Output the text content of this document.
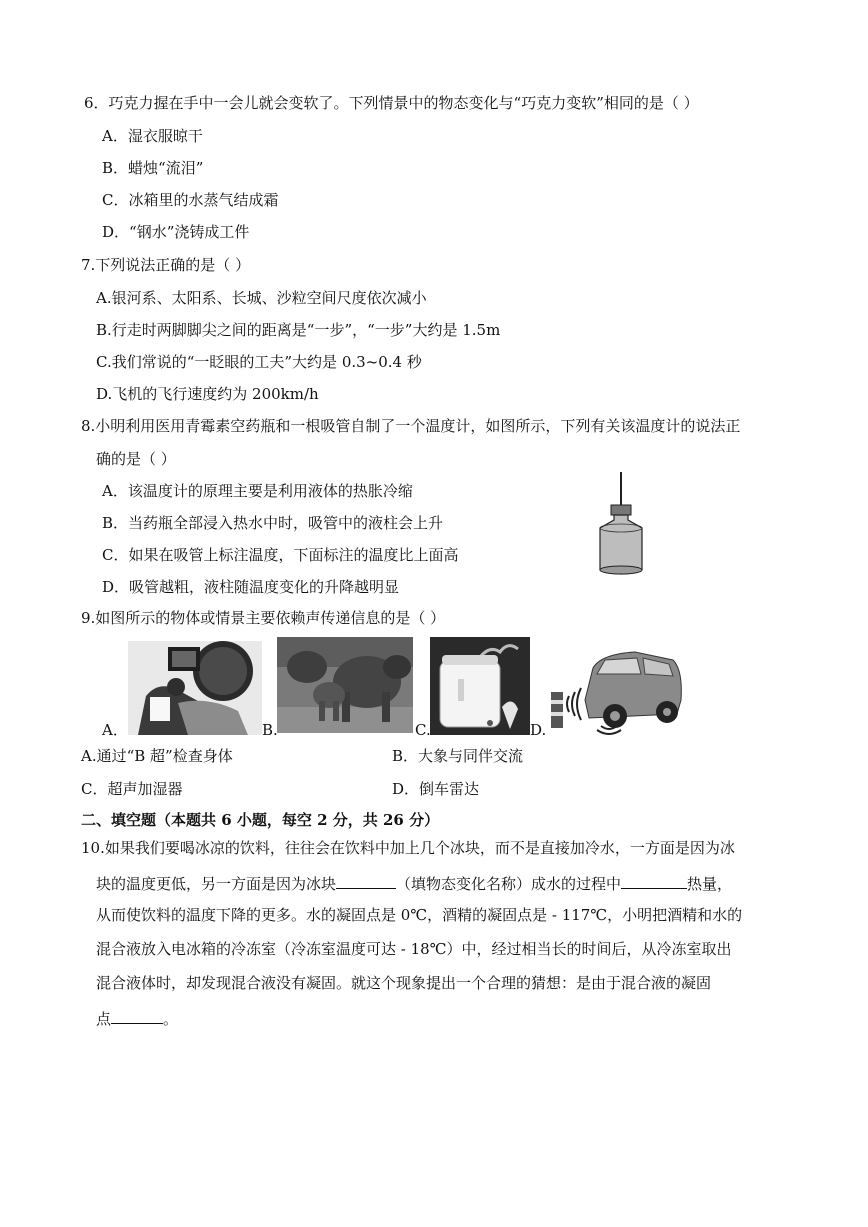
6．巧克力握在手中一会儿就会变软了。下列情景中的物态变化与“巧克力变软”相同的是（ ）
A．湿衣服晾干
B．蜡烛“流泪”
C．冰箱里的水蒸气结成霜
D．“钢水”浇铸成工件
7.下列说法正确的是（ ）
A.银河系、太阳系、长城、沙粒空间尺度依次减小
B.行走时两脚脚尖之间的距离是“一步”，“一步”大约是 1.5m
C.我们常说的“一眨眼的工夫”大约是 0.3~0.4 秒
D.飞机的飞行速度约为 200km/h
8.小明利用医用青霉素空药瓶和一根吸管自制了一个温度计，如图所示，下列有关该温度计的说法正
确的是（ ）
A．该温度计的原理主要是利用液体的热胀冷缩
B．当药瓶全部浸入热水中时，吸管中的液柱会上升
C．如果在吸管上标注温度，下面标注的温度比上面高
D．吸管越粗，液柱随温度变化的升降越明显
9.如图所示的物体或情景主要依赖声传递信息的是（ ）
A．	B.	C.	D.
A.通过“B 超”检查身体	B．大象与同伴交流
C．超声加湿器	D．倒车雷达
二、填空题（本题共 6 小题，每空 2 分，共 26 分）
10.如果我们要喝冰凉的饮料，往往会在饮料中加上几个冰块，而不是直接加冷水，一方面是因为冰
块的温度更低，另一方面是因为冰块	（填物态变化名称）成水的过程中	热量，
从而使饮料的温度下降的更多。水的凝固点是 0℃，酒精的凝固点是 - 117℃，小明把酒精和水的
混合液放入电冰箱的冷冻室（冷冻室温度可达 - 18℃）中，经过相当长的时间后，从冷冻室取出
混合液体时，却发现混合液没有凝固。就这个现象提出一个合理的猜想：是由于混合液的凝固
点	。
